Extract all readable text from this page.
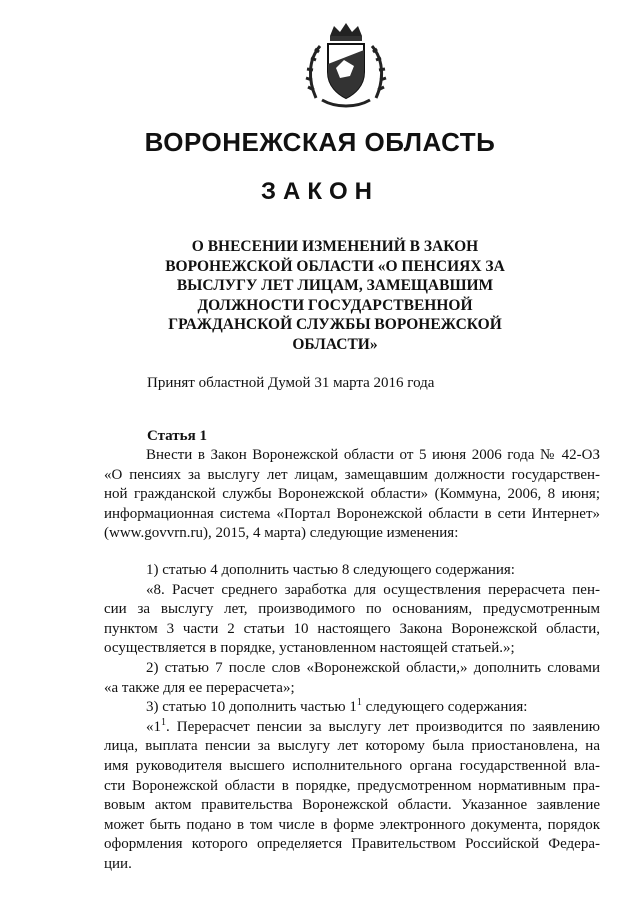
ВОРОНЕЖСКАЯ ОБЛАСТЬ
ЗАКОН
О ВНЕСЕНИИ ИЗМЕНЕНИЙ В ЗАКОН
ВОРОНЕЖСКОЙ ОБЛАСТИ «О ПЕНСИЯХ ЗА
ВЫСЛУГУ ЛЕТ ЛИЦАМ, ЗАМЕЩАВШИМ
ДОЛЖНОСТИ ГОСУДАРСТВЕННОЙ
ГРАЖДАНСКОЙ СЛУЖБЫ ВОРОНЕЖСКОЙ
ОБЛАСТИ»
Принят областной Думой 31 марта 2016 года
Статья 1
Внести в Закон Воронежской области от 5 июня 2006 года № 42-ОЗ
«О пенсиях за выслугу лет лицам, замещавшим должности государствен-
ной гражданской службы Воронежской области» (Коммуна, 2006, 8 июня;
информационная система «Портал Воронежской области в сети Интернет»
(www.govvrn.ru), 2015, 4 марта) следующие изменения:
1) статью 4 дополнить частью 8 следующего содержания:
«8. Расчет среднего заработка для осуществления перерасчета пен-
сии за выслугу лет, производимого по основаниям, предусмотренным
пунктом 3 части 2 статьи 10 настоящего Закона Воронежской области,
осуществляется в порядке, установленном настоящей статьей.»;
2) статью 7 после слов «Воронежской области,» дополнить словами
«а также для ее перерасчета»;
3) статью 10 дополнить частью $1^1$ следующего содержания:
«$1^1$. Перерасчет пенсии за выслугу лет производится по заявлению
лица, выплата пенсии за выслугу лет которому была приостановлена, на
имя руководителя высшего исполнительного органа государственной вла-
сти Воронежской области в порядке, предусмотренном нормативным пра-
вовым актом правительства Воронежской области. Указанное заявление
может быть подано в том числе в форме электронного документа, порядок
оформления которого определяется Правительством Российской Федера-
ции.
